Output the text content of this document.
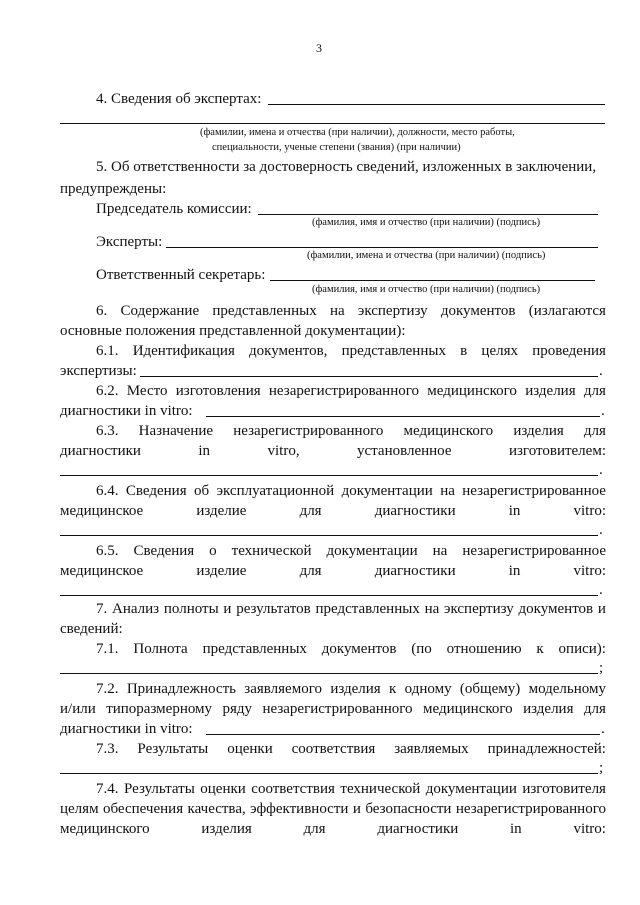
3
4. Сведения об экспертах:
(фамилии, имена и отчества (при наличии), должности, место работы,
специальности, ученые степени (звания) (при наличии)
5. Об ответственности за достоверность сведений, изложенных в заключении,
предупреждены:
Председатель комиссии:
(фамилия, имя и отчество (при наличии) (подпись)
Эксперты:
(фамилии, имена и отчества (при наличии) (подпись)
Ответственный секретарь:
(фамилия, имя и отчество (при наличии) (подпись)
6. Содержание представленных на экспертизу документов (излагаются
основные положения представленной документации):
6.1. Идентификация документов, представленных в целях проведения
экспертизы:	.
6.2. Место изготовления незарегистрированного медицинского изделия для
диагностики in vitro:	.
6.3. Назначение незарегистрированного медицинского изделия для
диагностики	in	vitro,	установленное	изготовителем:
.
6.4. Сведения об эксплуатационной документации на незарегистрированное
медицинское	изделие	для	диагностики	in	vitro:
.
6.5. Сведения о технической документации на незарегистрированное
медицинское	изделие	для	диагностики	in	vitro:
.
7. Анализ полноты и результатов представленных на экспертизу документов и
сведений:
7.1. Полнота представленных документов (по отношению к описи):
;
7.2. Принадлежность заявляемого изделия к одному (общему) модельному
и/или типоразмерному ряду незарегистрированного медицинского изделия для
диагностики in vitro:	.
7.3. Результаты оценки соответствия заявляемых принадлежностей:
;
7.4. Результаты оценки соответствия технической документации изготовителя
целям обеспечения качества, эффективности и безопасности незарегистрированного
медицинского	изделия	для	диагностики	in	vitro:
